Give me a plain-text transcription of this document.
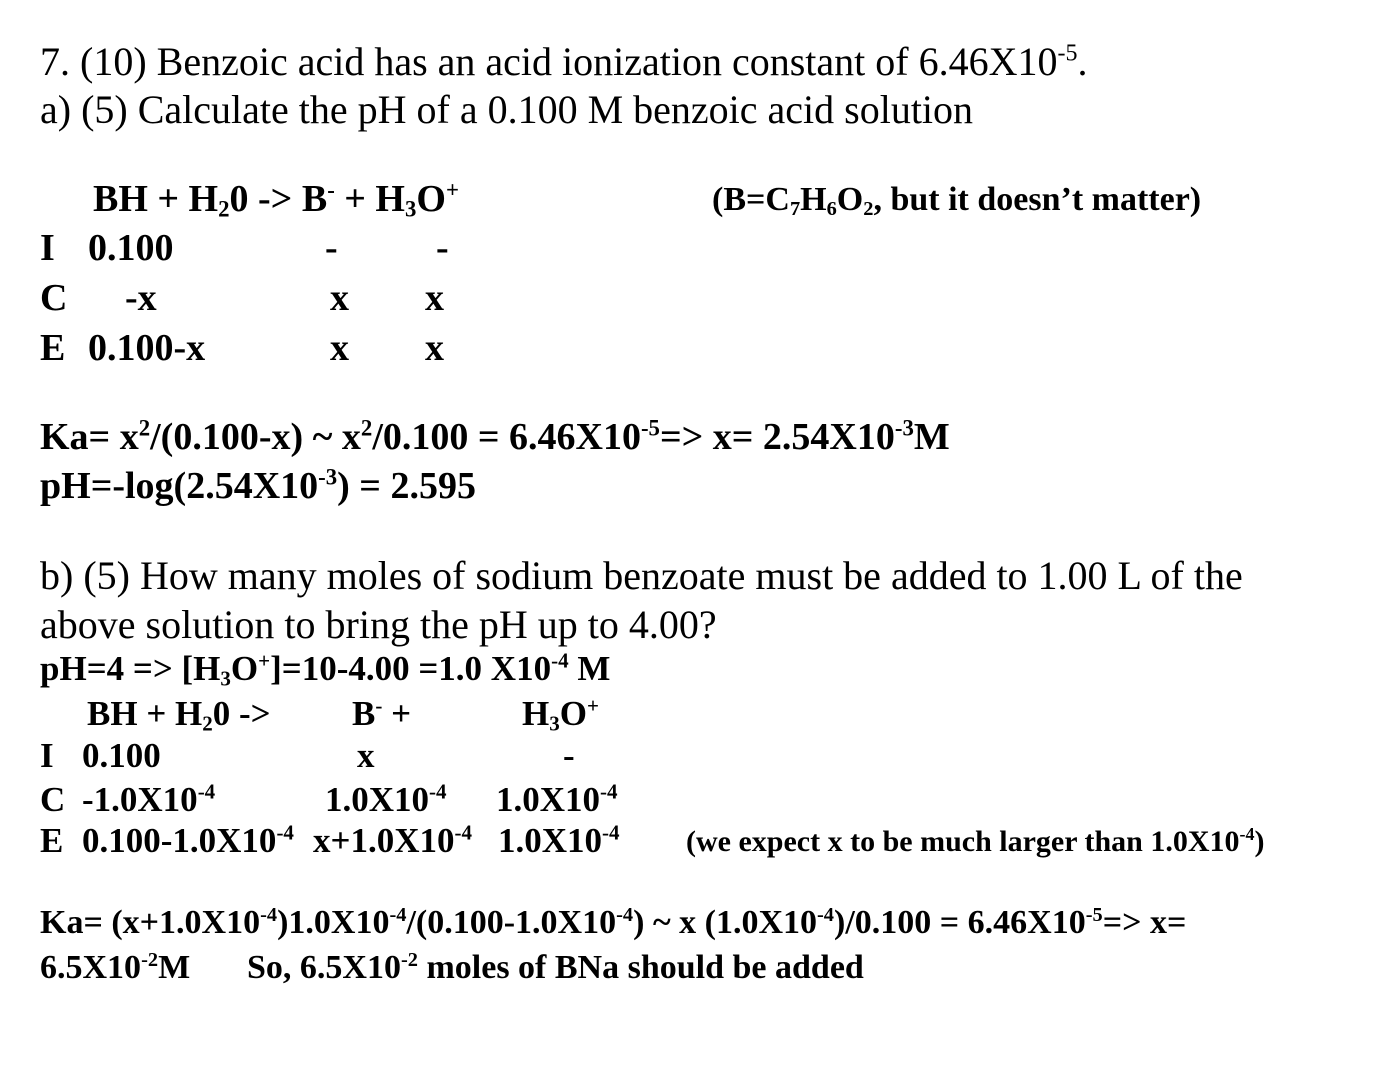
7. (10) Benzoic acid has an acid ionization constant of $6.46X10^{-5}$.
a) (5) Calculate the pH of a 0.100 M benzoic acid solution
BH + $H_20 -> B^- + H_3O^+$	($B=C_7H_6O_2$, but it doesn’t matter)
I 0.100	-	-
C -x	x x
E 0.100-x	x x
$Ka= x^2/(0.100-x)$ ~ $x^2/0.100 = 6.46X10^{-5}=> x= 2.54X10^{-3}M$
$pH=-\log(2.54X10^{-3}) = 2.595$
b) (5) How many moles of sodium benzoate must be added to 1.00 L of the
above solution to bring the pH up to 4.00?
$pH=4 => [H_3O^+]=10-4.00 =1.0$ $X10^{-4}$ M
BH + $H_20 -> B^-$ +	$H_3O^+$
I 0.100	x	-
C $-1.0X10^{-4}$	$1.0X10^{-4}$ $1.0X10^{-4}$
E $0.100-1.0X10^{-4}$ $x+1.0X10^{-4}$ $1.0X10^{-4}$ (we expect x to be much larger than $1.0X10^{-4}$)
$Ka= (x+1.0X10^{-4})1.0X10^{-4}/(0.100-1.0X10^{-4})$ ~ x $(1.0X10^{-4})/0.100 = 6.46X10^{-5}=> x=$
$6.5X10^{-2}M$ So, $6.5X10^{-2}$ moles of BNa should be added
